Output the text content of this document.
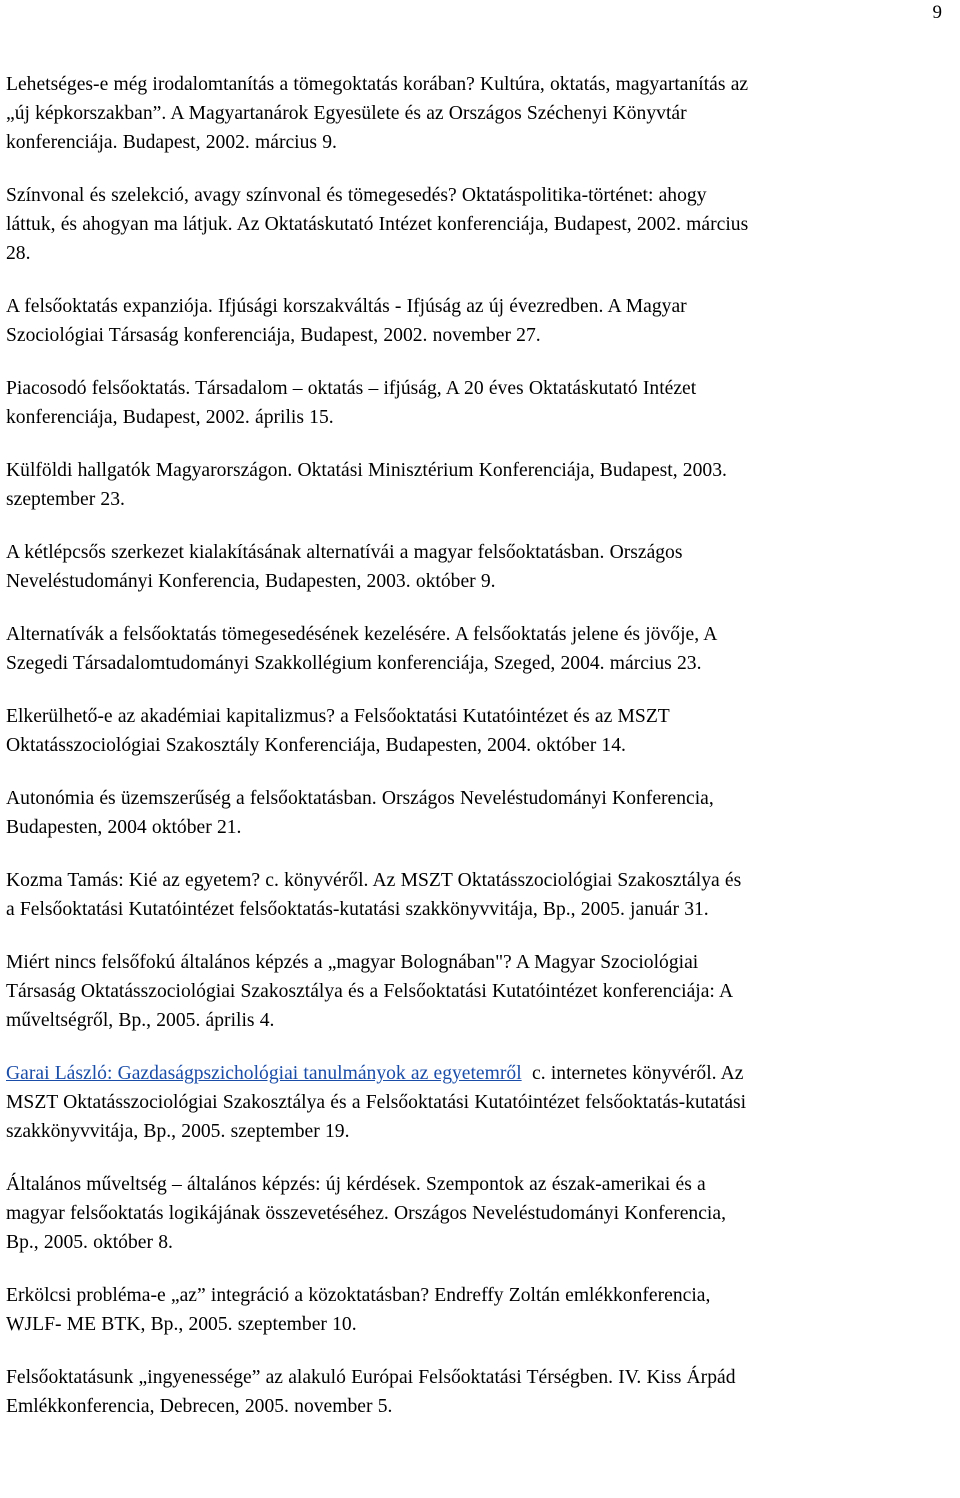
9
Lehetséges-e még irodalomtanítás a tömegoktatás korában? Kultúra, oktatás, magyartanítás az
„új képkorszakban”. A Magyartanárok Egyesülete és az Országos Széchenyi Könyvtár
konferenciája. Budapest, 2002. március 9.
Színvonal és szelekció, avagy színvonal és tömegesedés? Oktatáspolitika-történet: ahogy
láttuk, és ahogyan ma látjuk. Az Oktatáskutató Intézet konferenciája, Budapest, 2002. március
28.
A felsőoktatás expanziója. Ifjúsági korszakváltás - Ifjúság az új évezredben. A Magyar
Szociológiai Társaság konferenciája, Budapest, 2002. november 27.
Piacosodó felsőoktatás. Társadalom – oktatás – ifjúság, A 20 éves Oktatáskutató Intézet
konferenciája, Budapest, 2002. április 15.
Külföldi hallgatók Magyarországon. Oktatási Minisztérium Konferenciája, Budapest, 2003.
szeptember 23.
A kétlépcsős szerkezet kialakításának alternatívái a magyar felsőoktatásban. Országos
Neveléstudományi Konferencia, Budapesten, 2003. október 9.
Alternatívák a felsőoktatás tömegesedésének kezelésére. A felsőoktatás jelene és jövője, A
Szegedi Társadalomtudományi Szakkollégium konferenciája, Szeged, 2004. március 23.
Elkerülhető-e az akadémiai kapitalizmus? a Felsőoktatási Kutatóintézet és az MSZT
Oktatásszociológiai Szakosztály Konferenciája, Budapesten, 2004. október 14.
Autonómia és üzemszerűség a felsőoktatásban. Országos Neveléstudományi Konferencia,
Budapesten, 2004 október 21.
Kozma Tamás: Kié az egyetem? c. könyvéről. Az MSZT Oktatásszociológiai Szakosztálya és
a Felsőoktatási Kutatóintézet felsőoktatás-kutatási szakkönyvvitája, Bp., 2005. január 31.
Miért nincs felsőfokú általános képzés a „magyar Bolognában"? A Magyar Szociológiai
Társaság Oktatásszociológiai Szakosztálya és a Felsőoktatási Kutatóintézet konferenciája: A
műveltségről, Bp., 2005. április 4.
Garai László: Gazdaságpszichológiai tanulmányok az egyetemről  c. internetes könyvéről. Az
MSZT Oktatásszociológiai Szakosztálya és a Felsőoktatási Kutatóintézet felsőoktatás-kutatási
szakkönyvvitája, Bp., 2005. szeptember 19.
Általános műveltség – általános képzés: új kérdések. Szempontok az észak-amerikai és a
magyar felsőoktatás logikájának összevetéséhez. Országos Neveléstudományi Konferencia,
Bp., 2005. október 8.
Erkölcsi probléma-e „az” integráció a közoktatásban? Endreffy Zoltán emlékkonferencia,
WJLF- ME BTK, Bp., 2005. szeptember 10.
Felsőoktatásunk „ingyenessége” az alakuló Európai Felsőoktatási Térségben. IV. Kiss Árpád
Emlékkonferencia, Debrecen, 2005. november 5.
